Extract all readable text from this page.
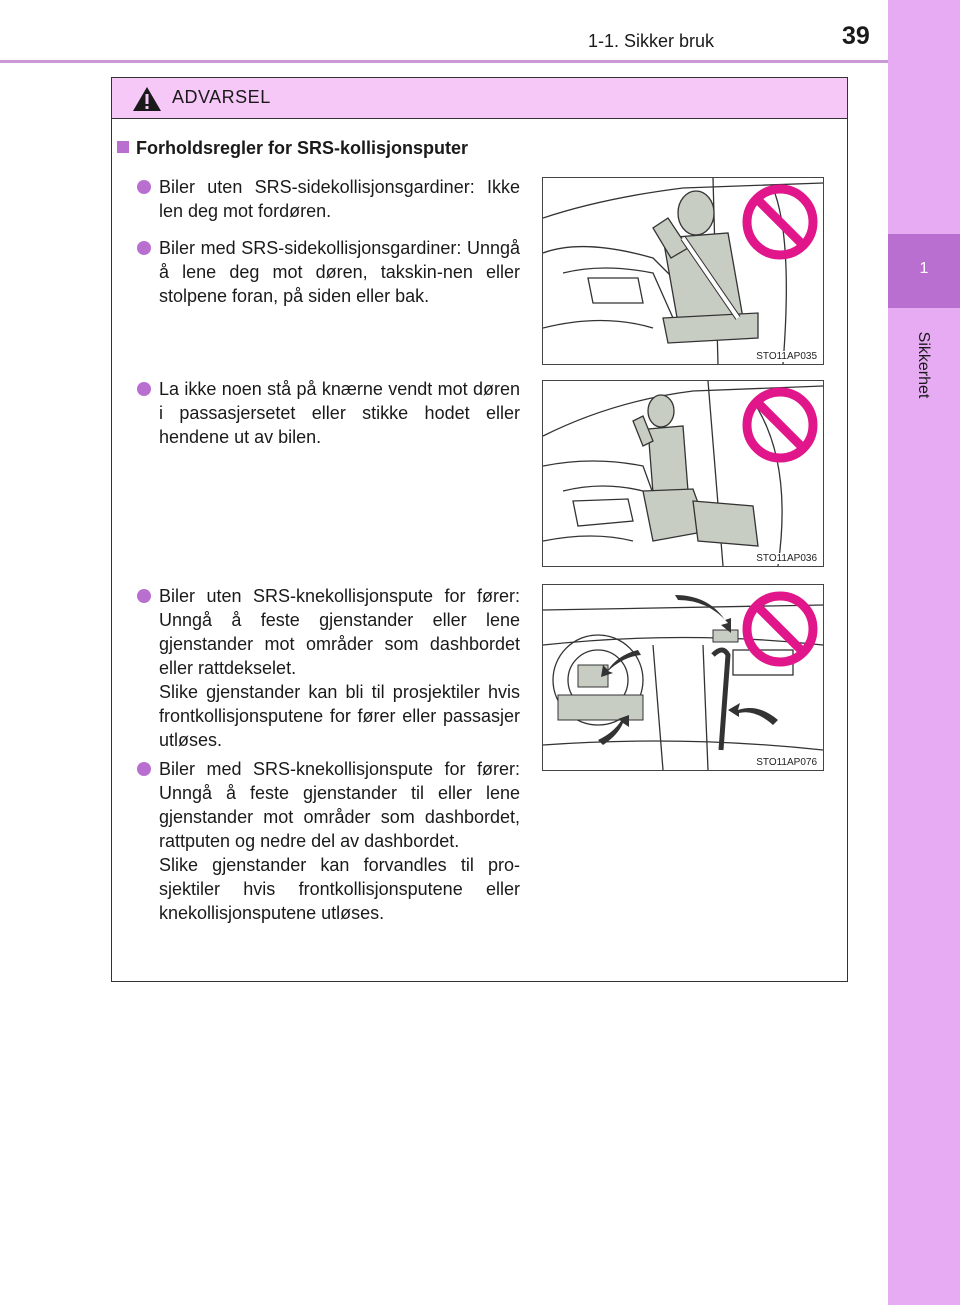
1-1. Sikker bruk	39
1
Sikkerhet
ADVARSEL
Forholdsregler for SRS-kollisjonsputer
Biler uten SRS-sidekollisjonsgardiner: Ikke len deg mot fordøren.
Biler med SRS-sidekollisjonsgardiner: Unngå å lene deg mot døren, takskin-nen eller stolpene foran, på siden eller bak.
La ikke noen stå på knærne vendt mot døren i passasjersetet eller stikke hodet eller hendene ut av bilen.
Biler uten SRS-knekollisjonspute for fører: Unngå å feste gjenstander eller lene gjenstander mot områder som dashbordet eller rattdekselet.
Slike gjenstander kan bli til prosjektiler hvis frontkollisjonsputene for fører eller passasjer utløses.
Biler med SRS-knekollisjonspute for fører: Unngå å feste gjenstander til eller lene gjenstander mot områder som dashbordet, rattputen og nedre del av dashbordet.
Slike gjenstander kan forvandles til pro-sjektiler hvis frontkollisjonsputene eller knekollisjonsputene utløses.
STO11AP035
STO11AP036
STO11AP076
